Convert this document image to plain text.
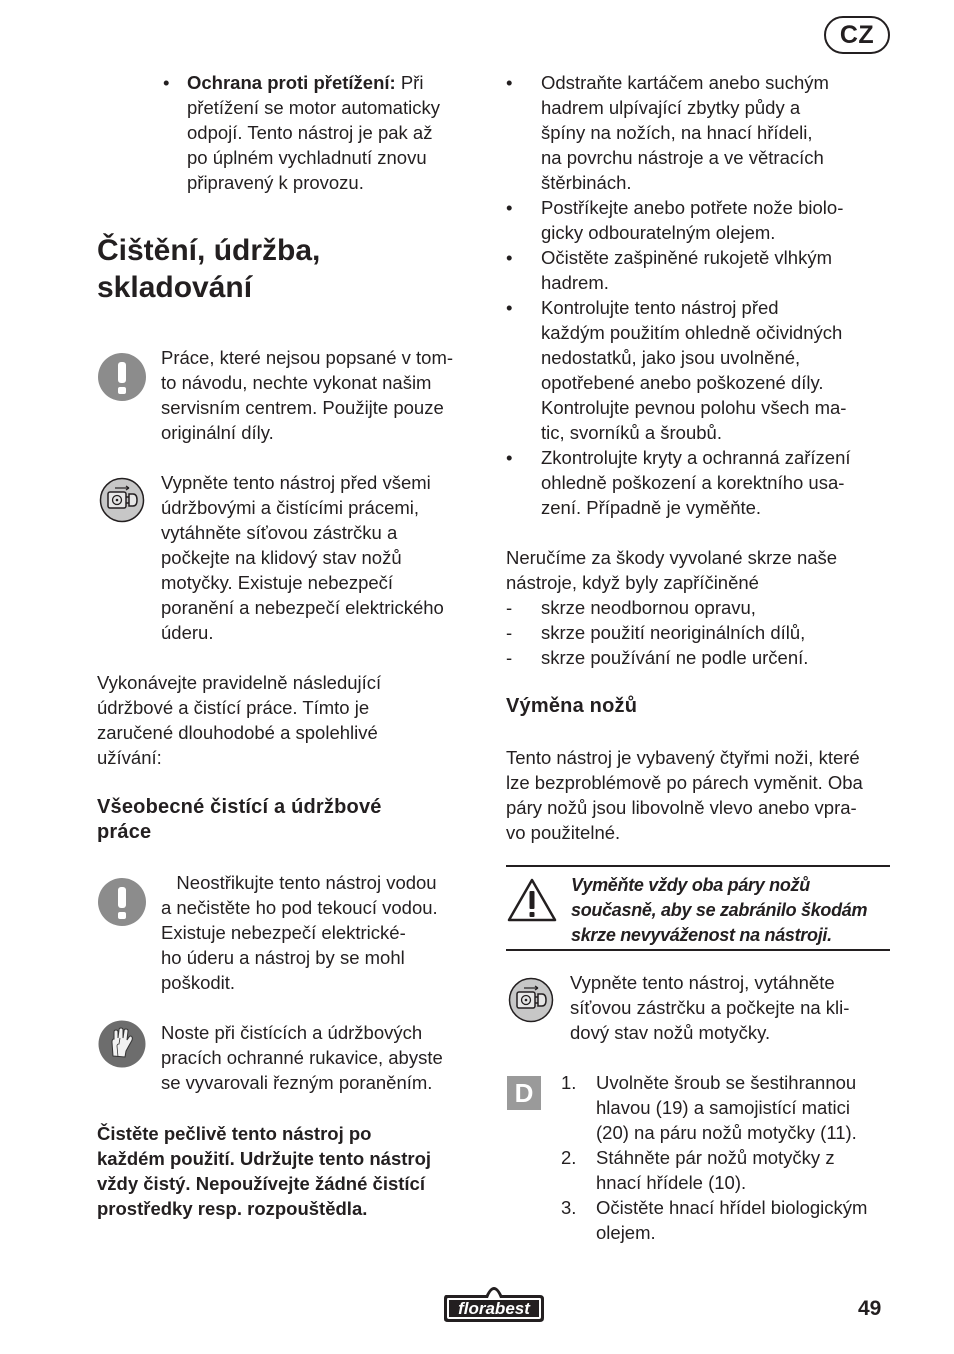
CZ
• Ochrana proti přetížení: Při
přetížení se motor automaticky
odpojí. Tento nástroj je pak až
po úplném vychladnutí znovu
připravený k provozu.
Čištění, údržba,
skladování
Práce, které nejsou popsané v tom-
to návodu, nechte vykonat našim
servisním centrem. Použijte pouze
originální díly.
Vypněte tento nástroj před všemi
údržbovými a čistícími prácemi,
vytáhněte síťovou zástrčku a
počkejte na klidový stav nožů
motyčky. Existuje nebezpečí
poranění a nebezpečí elektrického
úderu.
Vykonávejte pravidelně následující
údržbové a čistící práce. Tímto je
zaručené dlouhodobé a spolehlivé
užívání:
Všeobecné čistící a údržbové
práce
Neostřikujte tento nástroj vodou
a nečistěte ho pod tekoucí vodou.
Existuje nebezpečí elektrické-
ho úderu a nástroj by se mohl
poškodit.
Noste při čistících a údržbových
pracích ochranné rukavice, abyste
se vyvarovali řezným poraněním.
Čistěte pečlivě tento nástroj po
každém použití. Udržujte tento nástroj
vždy čistý. Nepoužívejte žádné čistící
prostředky resp. rozpouštědla.
• Odstraňte kartáčem anebo suchým
hadrem ulpívající zbytky půdy a
špíny na nožích, na hnací hřídeli,
na povrchu nástroje a ve větracích
štěrbinách.
• Postříkejte anebo potřete nože biolo-
gicky odbouratelným olejem.
• Očistěte zašpiněné rukojetě vlhkým
hadrem.
• Kontrolujte tento nástroj před
každým použitím ohledně očividných
nedostatků, jako jsou uvolněné,
opotřebené anebo poškozené díly.
Kontrolujte pevnou polohu všech ma-
tic, svorníků a šroubů.
• Zkontrolujte kryty a ochranná zařízení
ohledně poškození a korektního usa-
zení. Případně je vyměňte.
Neručíme za škody vyvolané skrze naše
nástroje, když byly zapříčiněné
- skrze neodbornou opravu,
- skrze použití neoriginálních dílů,
- skrze používání ne podle určení.
Výměna nožů
Tento nástroj je vybavený čtyřmi noži, které
lze bezproblémově po párech vyměnit. Oba
páry nožů jsou libovolně vlevo anebo vpra-
vo použitelné.
Vyměňte vždy oba páry nožů
současně, aby se zabránilo škodám
skrze nevyváženost na nástroji.
Vypněte tento nástroj, vytáhněte
síťovou zástrčku a počkejte na kli-
dový stav nožů motyčky.
D	1. Uvolněte šroub se šestihrannou
hlavou (19) a samojistící matici
(20) na páru nožů motyčky (11).
2. Stáhněte pár nožů motyčky z
hnací hřídele (10).
3. Očistěte hnací hřídel biologickým
olejem.
florabest	49
